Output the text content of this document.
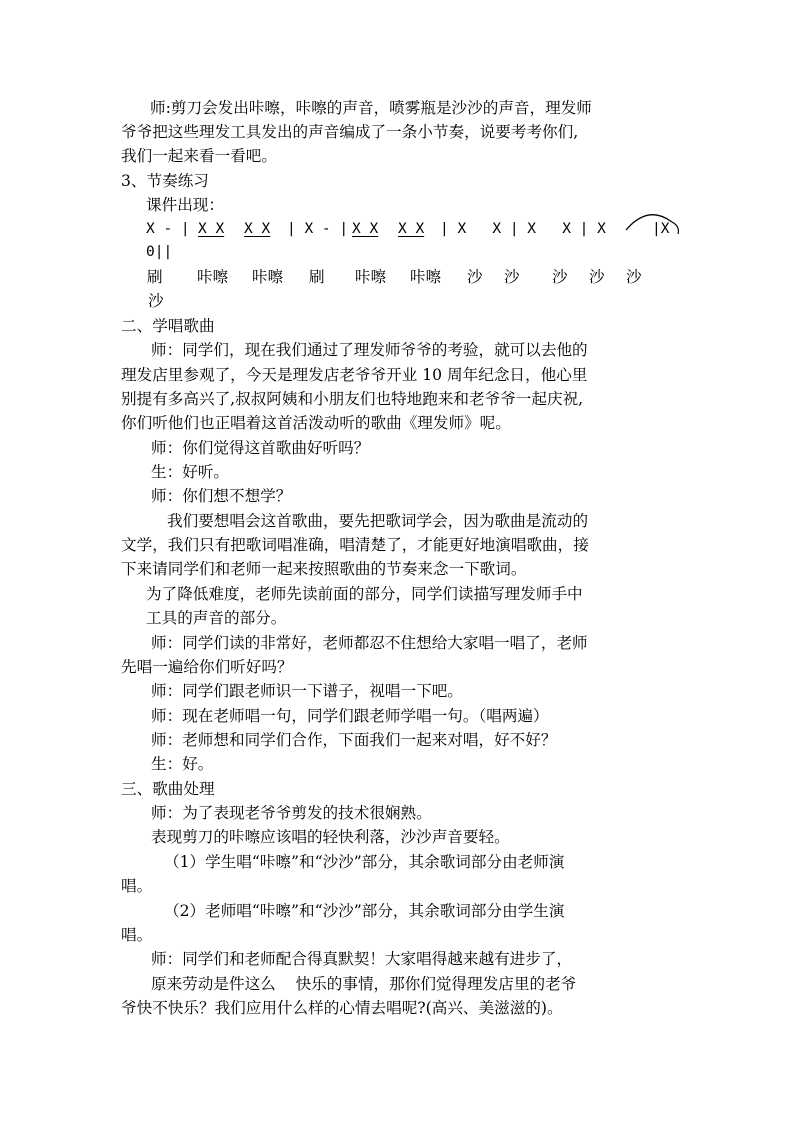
师:剪刀会发出咔嚓，咔嚓的声音，喷雾瓶是沙沙的声音，理发师
爷爷把这些理发工具发出的声音编成了一条小节奏，说要考考你们,
我们一起来看一看吧。
3、节奏练习
课件出现：
X - | X X X X | X - | X X X X | X   X | X   X | X	|X
0||
刷 咔嚓 咔嚓 刷 咔嚓 咔嚓 沙 沙 沙 沙 沙
沙
二、学唱歌曲
师：同学们，现在我们通过了理发师爷爷的考验，就可以去他的
理发店里参观了，今天是理发店老爷爷开业 10 周年纪念日，他心里
别提有多高兴了,叔叔阿姨和小朋友们也特地跑来和老爷爷一起庆祝,
你们听他们也正唱着这首活泼动听的歌曲《理发师》呢。
师：你们觉得这首歌曲好听吗？
生：好听。
师：你们想不想学？
我们要想唱会这首歌曲，要先把歌词学会，因为歌曲是流动的
文学，我们只有把歌词唱准确，唱清楚了，才能更好地演唱歌曲，接
下来请同学们和老师一起来按照歌曲的节奏来念一下歌词。
为了降低难度，老师先读前面的部分，同学们读描写理发师手中
工具的声音的部分。
师：同学们读的非常好，老师都忍不住想给大家唱一唱了，老师
先唱一遍给你们听好吗？
师：同学们跟老师识一下谱子，视唱一下吧。
师：现在老师唱一句，同学们跟老师学唱一句。（唱两遍）
师：老师想和同学们合作，下面我们一起来对唱，好不好？
生：好。
三、歌曲处理
师：为了表现老爷爷剪发的技术很娴熟。
表现剪刀的咔嚓应该唱的轻快利落，沙沙声音要轻。
（1）学生唱“咔嚓”和“沙沙”部分，其余歌词部分由老师演
唱。
（2）老师唱“咔嚓”和“沙沙”部分，其余歌词部分由学生演
唱。
师：同学们和老师配合得真默契！大家唱得越来越有进步了，
原来劳动是件这么    快乐的事情，那你们觉得理发店里的老爷
爷快不快乐？我们应用什么样的心情去唱呢?(高兴、美滋滋的)。
